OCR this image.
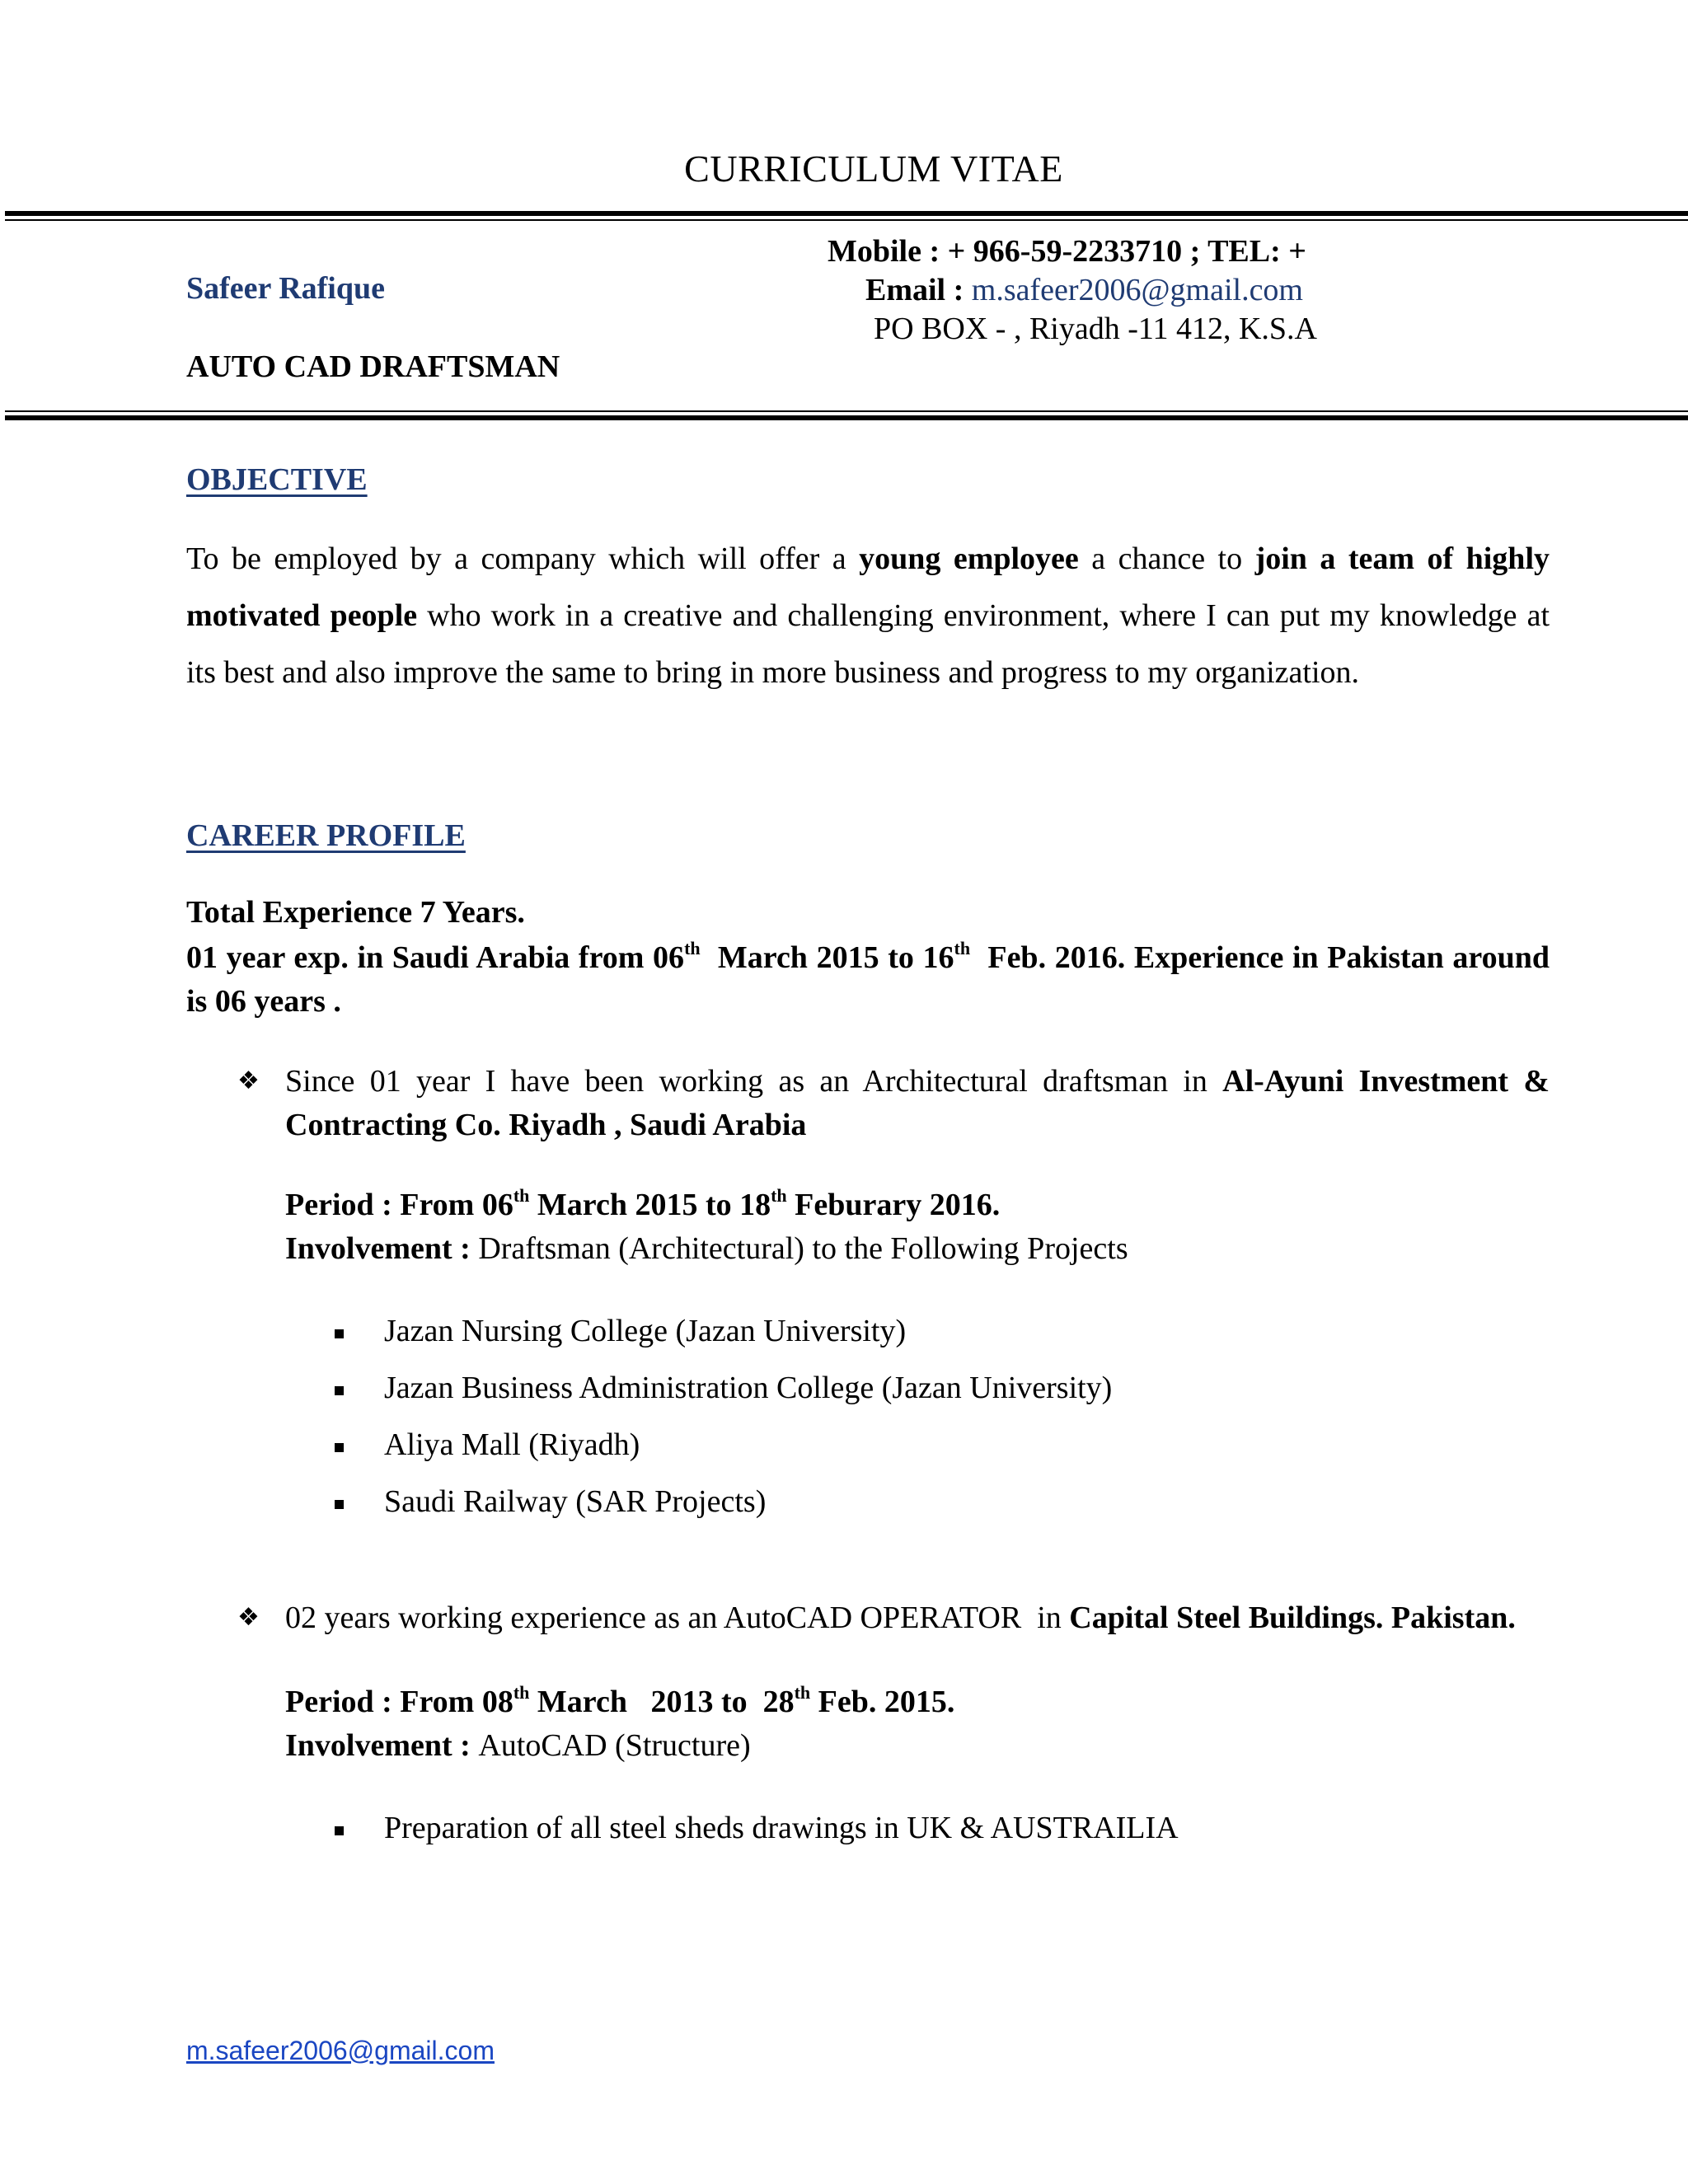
CURRICULUM VITAE
Safeer Rafique
AUTO CAD DRAFTSMAN
Mobile : + 966-59-2233710 ; TEL: +
Email : m.safeer2006@gmail.com
PO BOX - , Riyadh -11 412, K.S.A
OBJECTIVE
To be employed by a company which will offer a young employee a chance to join a team of highly motivated people who work in a creative and challenging environment, where I can put my knowledge at its best and also improve the same to bring in more business and progress to my organization.
CAREER PROFILE
Total Experience 7 Years.
01 year exp. in Saudi Arabia from 06th  March 2015 to 16th  Feb. 2016. Experience in Pakistan around is 06 years .
❖ Since 01 year I have been working as an Architectural draftsman in Al-Ayuni Investment & Contracting Co. Riyadh , Saudi Arabia
Period : From 06th March 2015 to 18th Feburary 2016.
Involvement : Draftsman (Architectural) to the Following Projects
Jazan Nursing College (Jazan University)
Jazan Business Administration College (Jazan University)
Aliya Mall (Riyadh)
Saudi Railway (SAR Projects)
❖ 02 years working experience as an AutoCAD OPERATOR  in Capital Steel Buildings. Pakistan.
Period : From 08th March   2013 to  28th Feb. 2015.
Involvement : AutoCAD (Structure)
Preparation of all steel sheds drawings in UK & AUSTRAILIA
m.safeer2006@gmail.com
